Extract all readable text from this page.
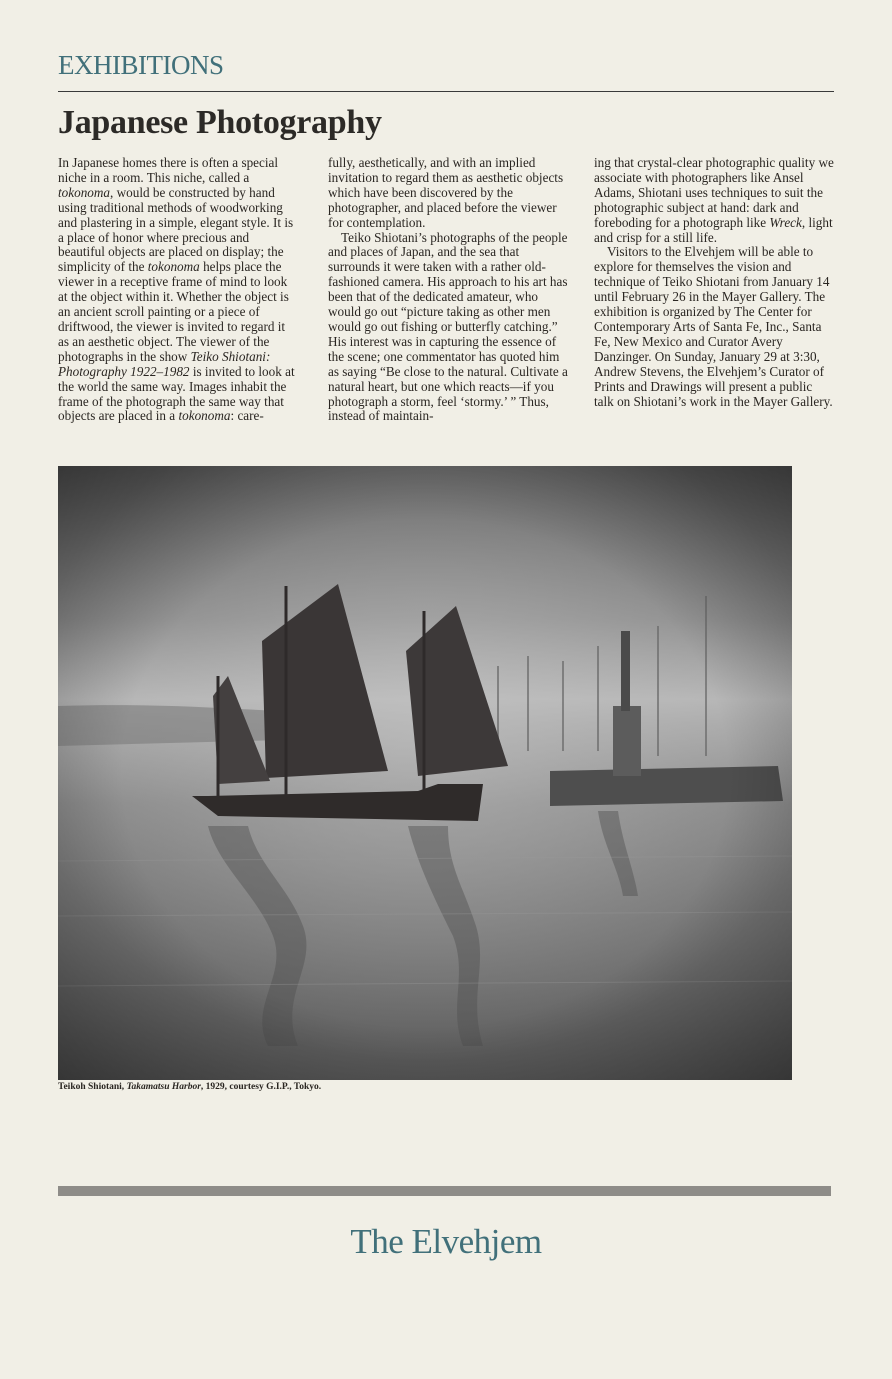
EXHIBITIONS
Japanese Photography

In Japanese homes there is often a special niche in a room. This niche, called a tokonoma, would be constructed by hand using traditional methods of woodworking and plastering in a simple, elegant style. It is a place of honor where precious and beautiful objects are placed on display; the simplicity of the tokonoma helps place the viewer in a receptive frame of mind to look at the object within it. Whether the object is an ancient scroll painting or a piece of driftwood, the viewer is invited to regard it as an aesthetic object. The viewer of the photographs in the show Teiko Shiotani: Photography 1922–1982 is invited to look at the world the same way. Images inhabit the frame of the photograph the same way that objects are placed in a tokonoma: care-

fully, aesthetically, and with an implied invitation to regard them as aesthetic objects which have been discovered by the photographer, and placed before the viewer for contemplation.

Teiko Shiotani’s photographs of the people and places of Japan, and the sea that surrounds it were taken with a rather old-fashioned camera. His approach to his art has been that of the dedicated amateur, who would go out “picture taking as other men would go out fishing or butterfly catching.” His interest was in capturing the essence of the scene; one commentator has quoted him as saying “Be close to the natural. Cultivate a natural heart, but one which reacts—if you photograph a storm, feel ‘stormy.’ ” Thus, instead of maintain-

ing that crystal-clear photographic quality we associate with photographers like Ansel Adams, Shiotani uses techniques to suit the photographic subject at hand: dark and foreboding for a photograph like Wreck, light and crisp for a still life.

Visitors to the Elvehjem will be able to explore for themselves the vision and technique of Teiko Shiotani from January 14 until February 26 in the Mayer Gallery. The exhibition is organized by The Center for Contemporary Arts of Santa Fe, Inc., Santa Fe, New Mexico and Curator Avery Danzinger. On Sunday, January 29 at 3:30, Andrew Stevens, the Elvehjem’s Curator of Prints and Drawings will present a public talk on Shiotani’s work in the Mayer Gallery.

Teikoh Shiotani, Takamatsu Harbor, 1929, courtesy G.I.P., Tokyo.
The Elvehjem
